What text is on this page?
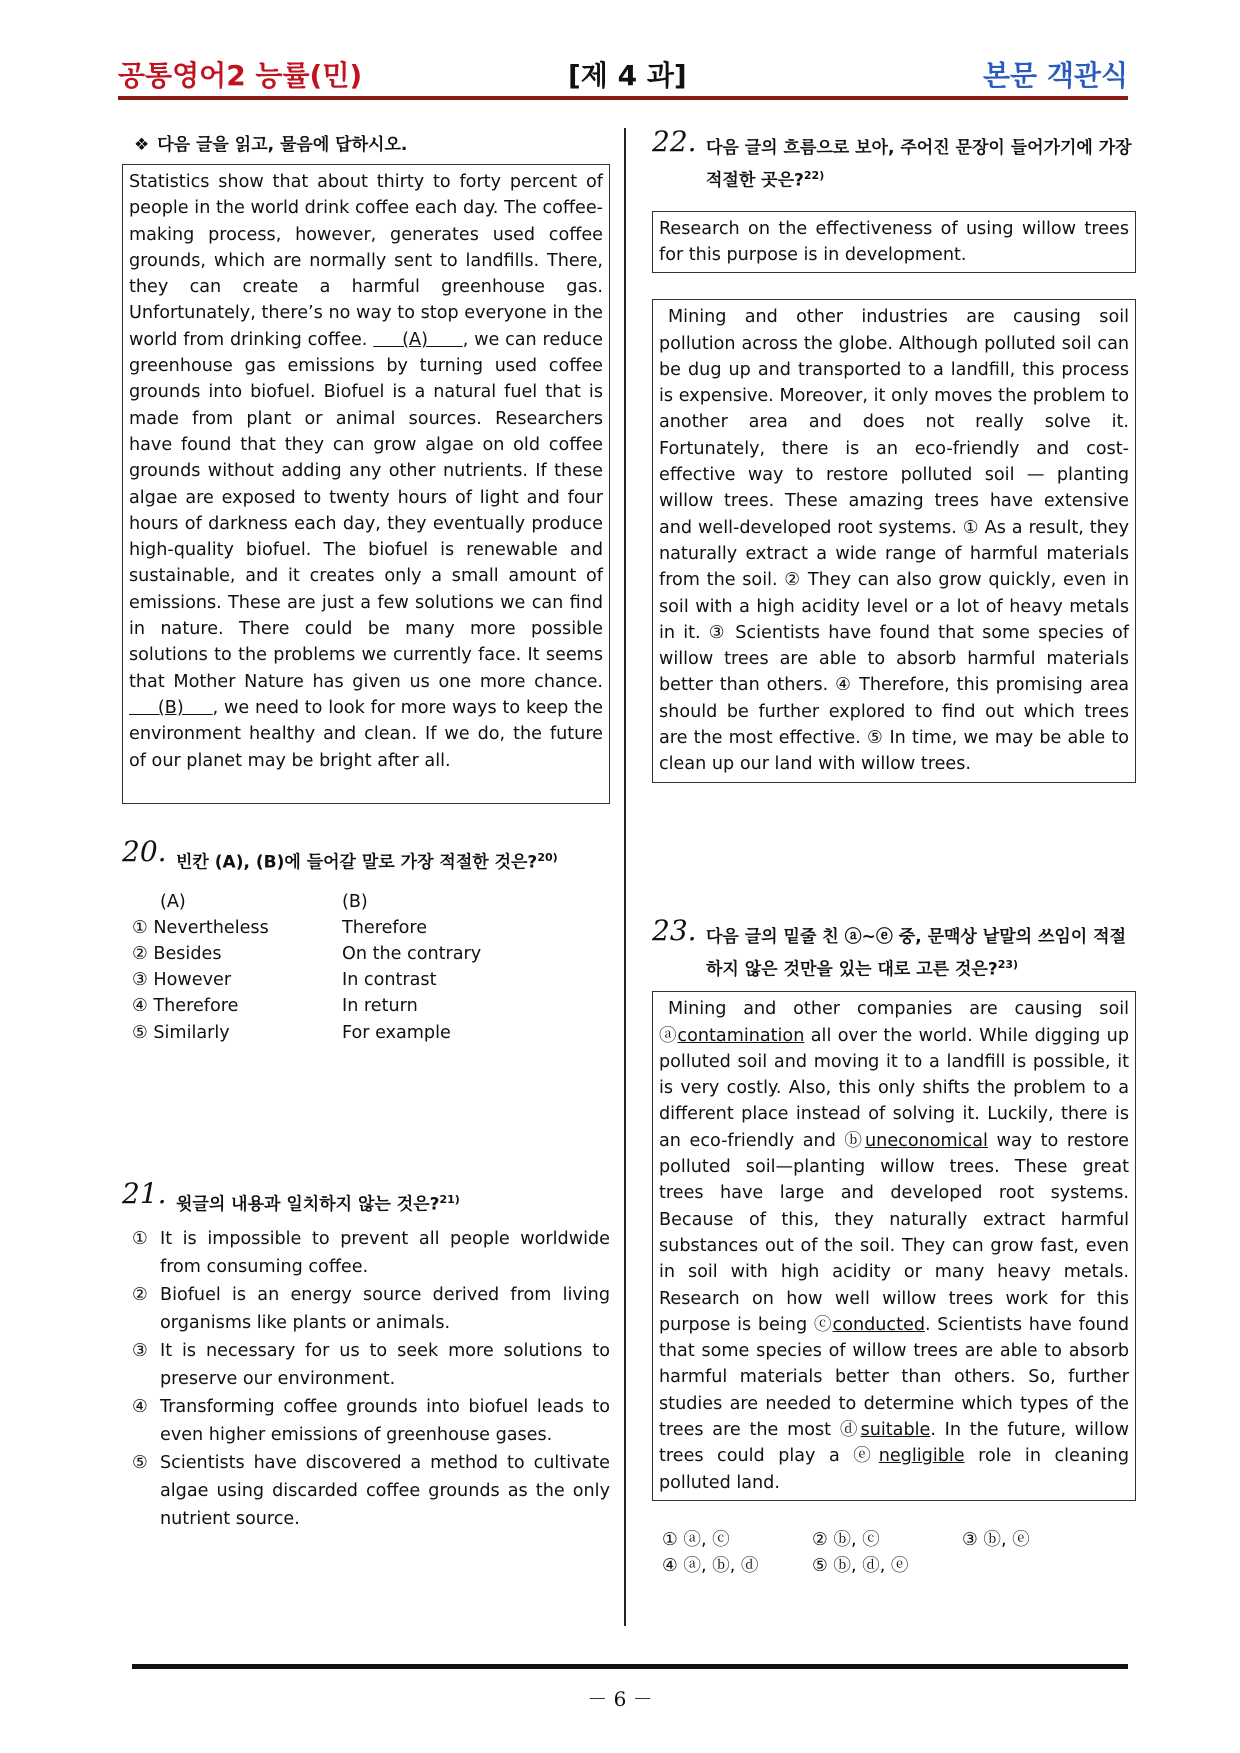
공통영어2 능률(민)	[제 4 과]	본문 객관식
❖ 다음 글을 읽고, 물음에 답하시오.
Statistics show that about thirty to forty percent of people in the world drink coffee each day. The coffee-making process, however, generates used coffee grounds, which are normally sent to landfills. There, they can create a harmful greenhouse gas. Unfortunately, there’s no way to stop everyone in the world from drinking coffee.      (A)      , we can reduce greenhouse gas emissions by turning used coffee grounds into biofuel. Biofuel is a natural fuel that is made from plant or animal sources. Researchers have found that they can grow algae on old coffee grounds without adding any other nutrients. If these algae are exposed to twenty hours of light and four hours of darkness each day, they eventually produce high-quality biofuel. The biofuel is renewable and sustainable, and it creates only a small amount of emissions. These are just a few solutions we can find in nature. There could be many more possible solutions to the problems we currently face. It seems that Mother Nature has given us one more chance.      (B)     , we need to look for more ways to keep the environment healthy and clean. If we do, the future of our planet may be bright after all.
20. 빈칸 (A), (B)에 들어갈 말로 가장 적절한 것은?$^{20)}$
(A)	(B)
① Nevertheless	Therefore
② Besides	On the contrary
③ However	In contrast
④ Therefore	In return
⑤ Similarly	For example
21. 윗글의 내용과 일치하지 않는 것은?$^{21)}$
① It is impossible to prevent all people worldwide from consuming coffee.
② Biofuel is an energy source derived from living organisms like plants or animals.
③ It is necessary for us to seek more solutions to preserve our environment.
④ Transforming coffee grounds into biofuel leads to even higher emissions of greenhouse gases.
⑤ Scientists have discovered a method to cultivate algae using discarded coffee grounds as the only nutrient source.
22. 다음 글의 흐름으로 보아, 주어진 문장이 들어가기에 가장 적절한 곳은?$^{22)}$
Research on the effectiveness of using willow trees for this purpose is in development.
Mining and other industries are causing soil pollution across the globe. Although polluted soil can be dug up and transported to a landfill, this process is expensive. Moreover, it only moves the problem to another area and does not really solve it. Fortunately, there is an eco-friendly and cost-effective way to restore polluted soil — planting willow trees. These amazing trees have extensive and well-developed root systems. ① As a result, they naturally extract a wide range of harmful materials from the soil. ② They can also grow quickly, even in soil with a high acidity level or a lot of heavy metals in it. ③ Scientists have found that some species of willow trees are able to absorb harmful materials better than others. ④ Therefore, this promising area should be further explored to find out which trees are the most effective. ⑤ In time, we may be able to clean up our land with willow trees.
23. 다음 글의 밑줄 친 ⓐ~ⓔ 중, 문맥상 낱말의 쓰임이 적절하지 않은 것만을 있는 대로 고른 것은?$^{23)}$
Mining and other companies are causing soil ⓐcontamination all over the world. While digging up polluted soil and moving it to a landfill is possible, it is very costly. Also, this only shifts the problem to a different place instead of solving it. Luckily, there is an eco-friendly and ⓑuneconomical way to restore polluted soil—planting willow trees. These great trees have large and developed root systems. Because of this, they naturally extract harmful substances out of the soil. They can grow fast, even in soil with high acidity or many heavy metals. Research on how well willow trees work for this purpose is being ⓒconducted. Scientists have found that some species of willow trees are able to absorb harmful materials better than others. So, further studies are needed to determine which types of the trees are the most ⓓsuitable. In the future, willow trees could play a ⓔnegligible role in cleaning polluted land.
① ⓐ, ⓒ	② ⓑ, ⓒ	③ ⓑ, ⓔ
④ ⓐ, ⓑ, ⓓ	⑤ ⓑ, ⓓ, ⓔ
－ 6 －
